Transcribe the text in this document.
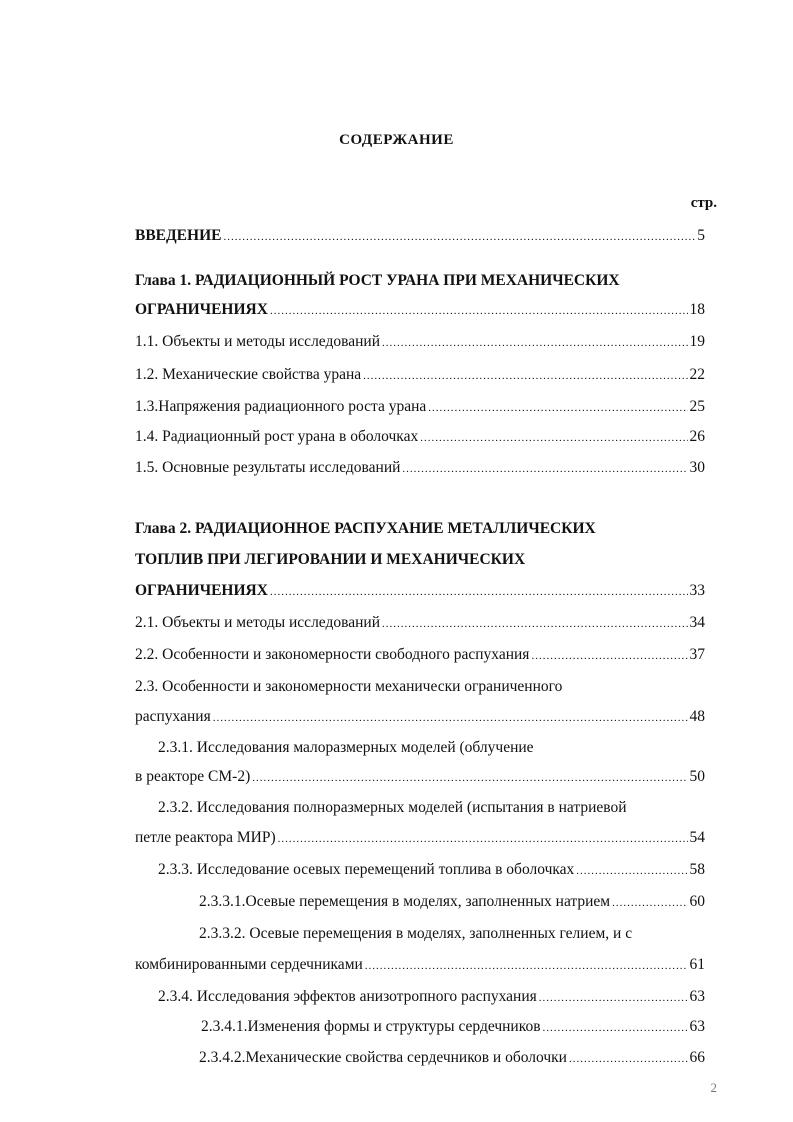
СОДЕРЖАНИЕ
стр.
ВВЕДЕНИЕ .....	5
Глава 1. РАДИАЦИОННЫЙ РОСТ УРАНА ПРИ МЕХАНИЧЕСКИХ
ОГРАНИЧЕНИЯХ .....	18
1.1. Объекты и методы исследований .....	19
1.2. Механические свойства урана .....	22
1.3.Напряжения радиационного роста урана .....	25
1.4. Радиационный рост урана в оболочках .....	26
1.5. Основные результаты исследований .....	30
Глава 2. РАДИАЦИОННОЕ РАСПУХАНИЕ МЕТАЛЛИЧЕСКИХ
ТОПЛИВ ПРИ ЛЕГИРОВАНИИ И МЕХАНИЧЕСКИХ
ОГРАНИЧЕНИЯХ .....	33
2.1. Объекты и методы исследований .....	34
2.2. Особенности и закономерности свободного распухания .....	37
2.3. Особенности и закономерности механически ограниченного
распухания .....	48
2.3.1. Исследования малоразмерных моделей (облучение
в реакторе СМ-2) .....	50
2.3.2. Исследования полноразмерных моделей (испытания в натриевой
петле реактора МИР) .....	54
2.3.3. Исследование осевых перемещений топлива в оболочках .....	58
2.3.3.1.Осевые перемещения в моделях, заполненных натрием .....	60
2.3.3.2. Осевые перемещения в моделях, заполненных гелием, и с
комбинированными сердечниками .....	61
2.3.4. Исследования эффектов анизотропного распухания .....	63
2.3.4.1.Изменения формы и структуры сердечников .....	63
2.3.4.2.Механические свойства сердечников и оболочки .....	66
2
